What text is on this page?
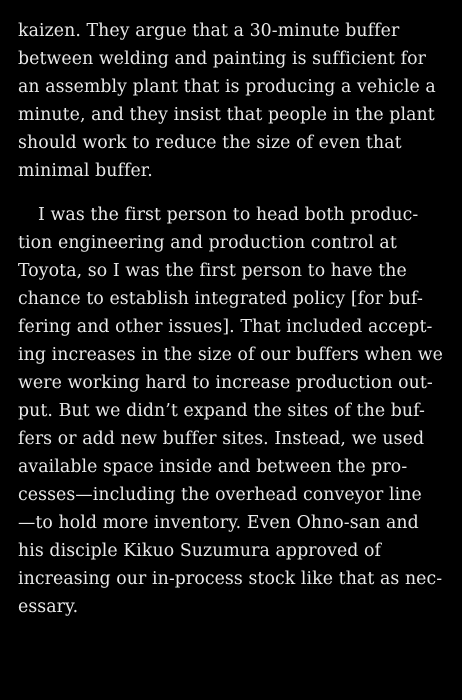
kaizen. They argue that a 30-minute buffer
between welding and painting is sufficient for
an assembly plant that is producing a vehicle a
minute, and they insist that people in the plant
should work to reduce the size of even that
minimal buffer.
I was the first person to head both produc-
tion engineering and production control at
Toyota, so I was the first person to have the
chance to establish integrated policy [for buf-
fering and other issues]. That included accept-
ing increases in the size of our buffers when we
were working hard to increase production out-
put. But we didn’t expand the sites of the buf-
fers or add new buffer sites. Instead, we used
available space inside and between the pro-
cesses—including the overhead conveyor line
—to hold more inventory. Even Ohno-san and
his disciple Kikuo Suzumura approved of
increasing our in-process stock like that as nec-
essary.
